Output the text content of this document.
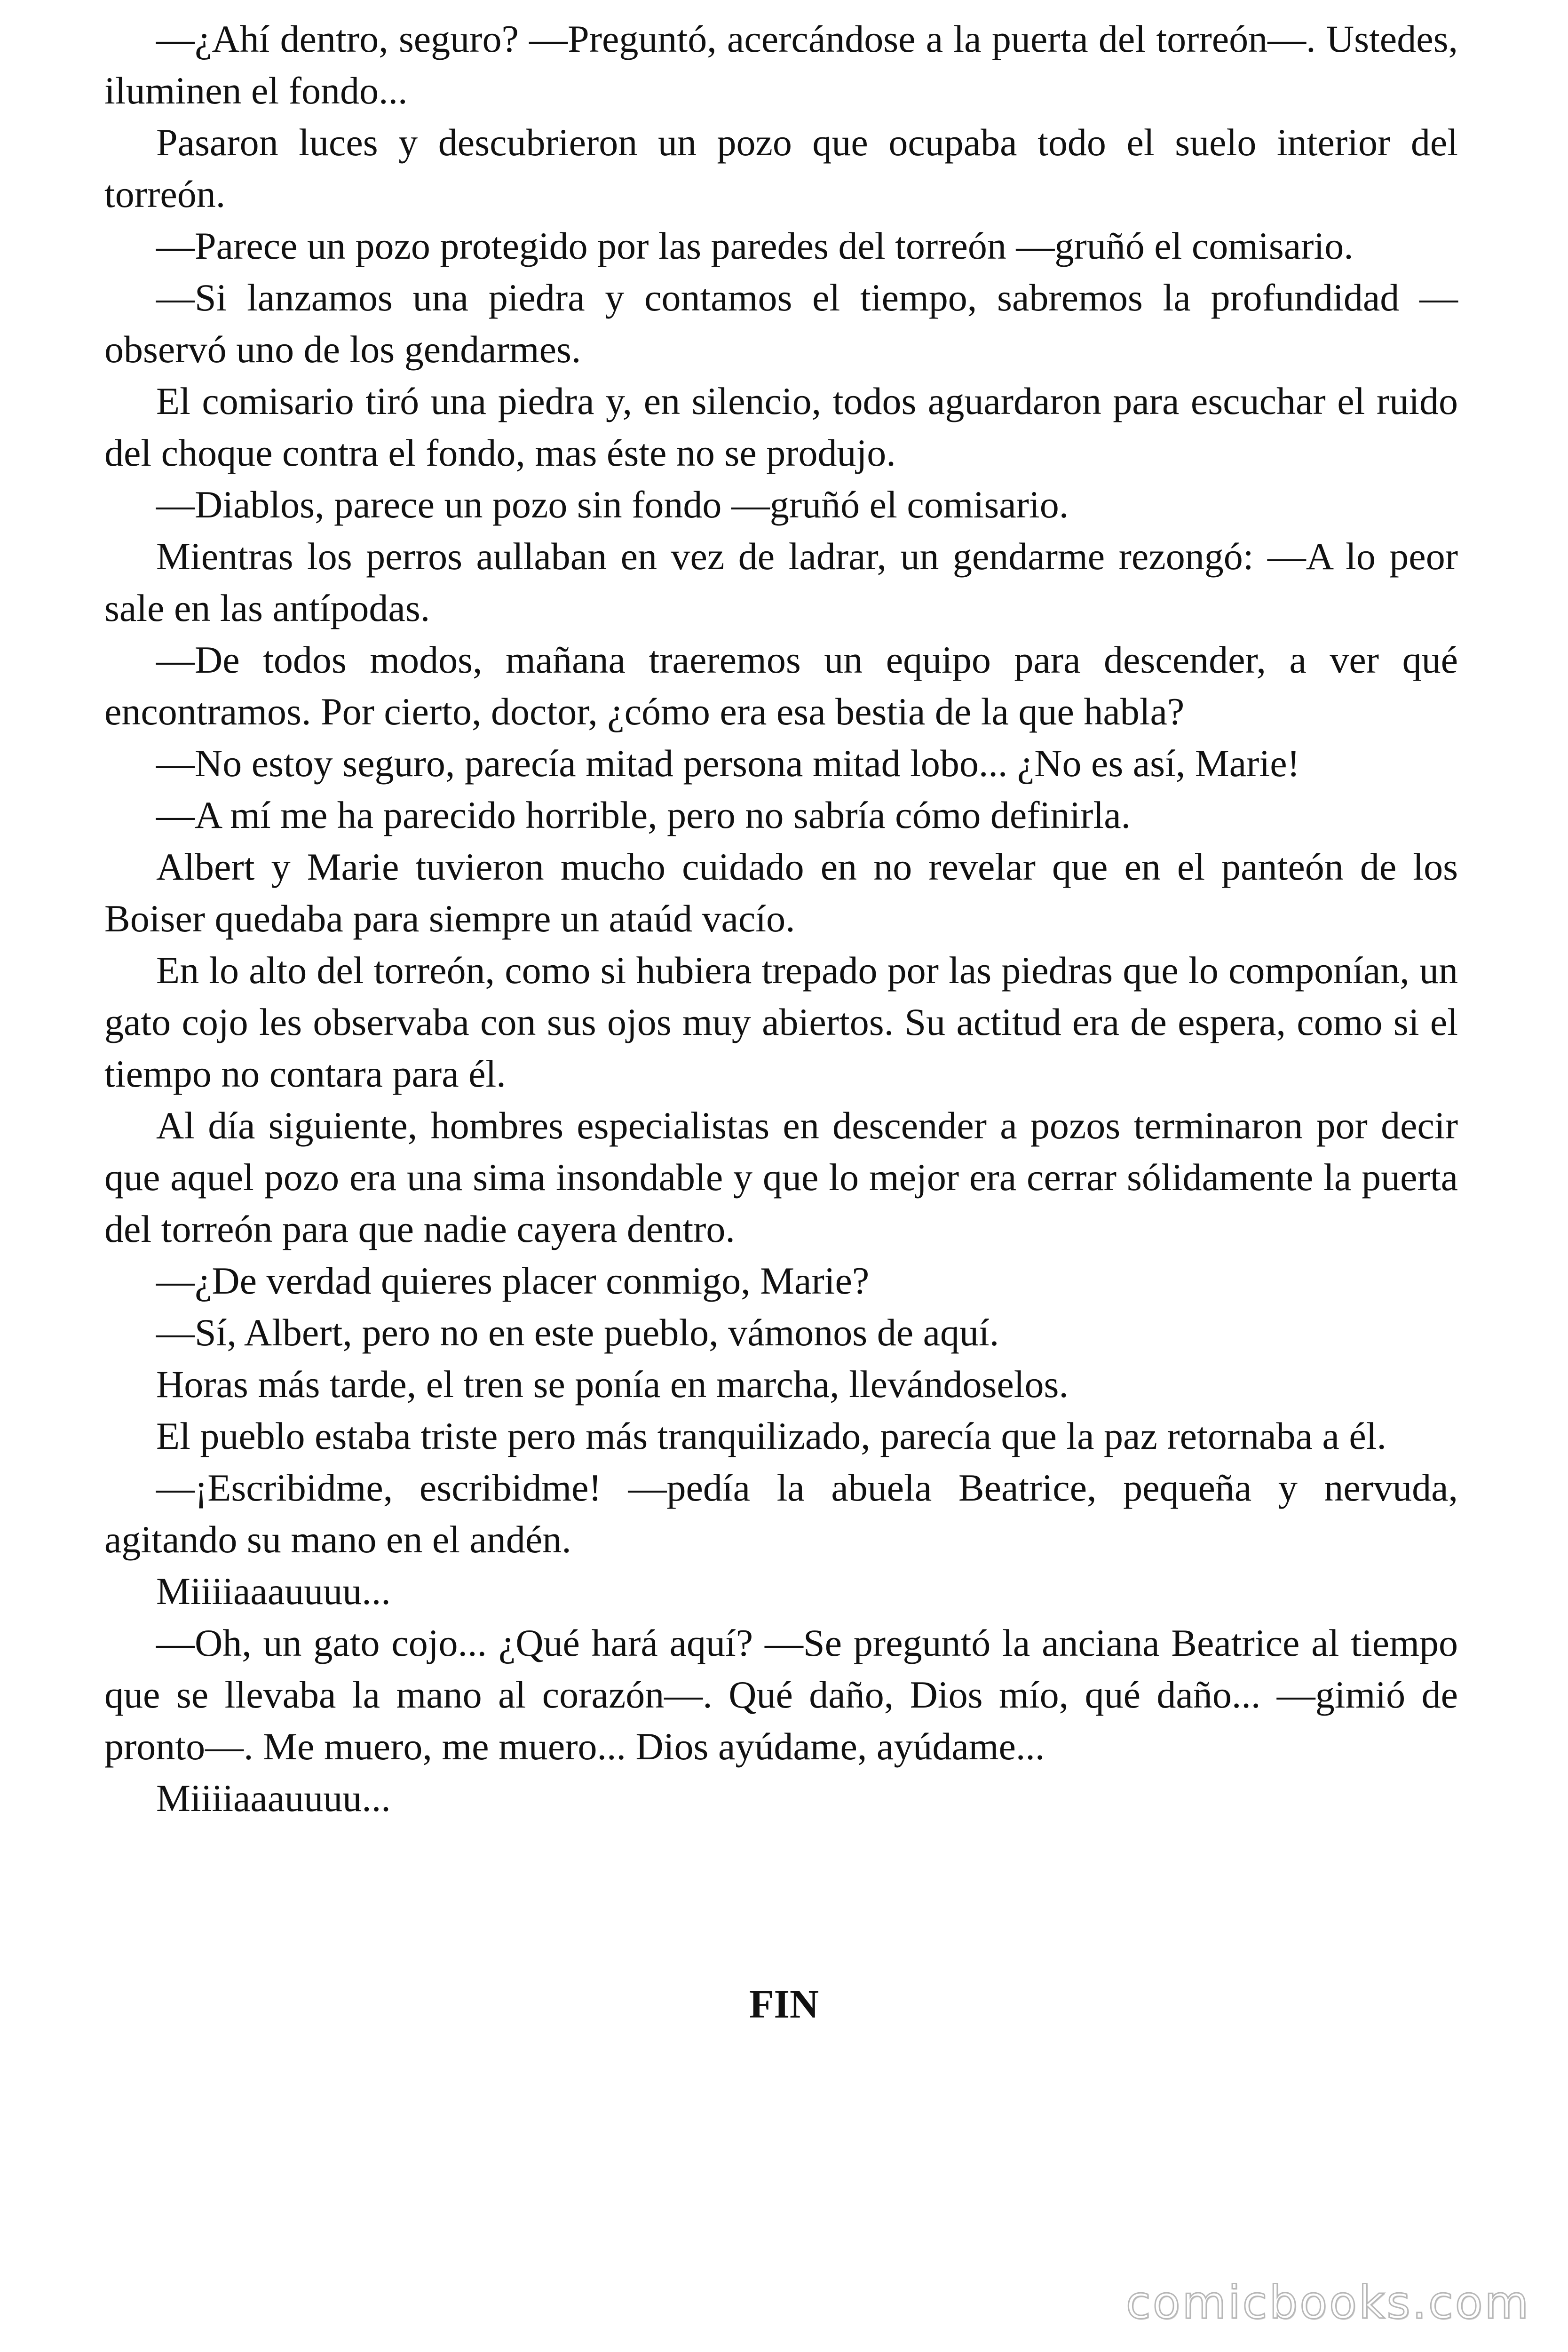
—¿Ahí dentro, seguro? —Preguntó, acercándose a la puerta del torreón—. Ustedes, iluminen el fondo...

Pasaron luces y descubrieron un pozo que ocupaba todo el suelo interior del torreón.

—Parece un pozo protegido por las paredes del torreón —gruñó el comisario.

—Si lanzamos una piedra y contamos el tiempo, sabremos la profundidad —observó uno de los gendarmes.

El comisario tiró una piedra y, en silencio, todos aguardaron para escuchar el ruido del choque contra el fondo, mas éste no se produjo.

—Diablos, parece un pozo sin fondo —gruñó el comisario.

Mientras los perros aullaban en vez de ladrar, un gendarme rezongó: —A lo peor sale en las antípodas.

—De todos modos, mañana traeremos un equipo para descender, a ver qué encontramos. Por cierto, doctor, ¿cómo era esa bestia de la que habla?

—No estoy seguro, parecía mitad persona mitad lobo... ¿No es así, Marie!

—A mí me ha parecido horrible, pero no sabría cómo definirla.

Albert y Marie tuvieron mucho cuidado en no revelar que en el panteón de los Boiser quedaba para siempre un ataúd vacío.

En lo alto del torreón, como si hubiera trepado por las piedras que lo componían, un gato cojo les observaba con sus ojos muy abiertos. Su actitud era de espera, como si el tiempo no contara para él.

Al día siguiente, hombres especialistas en descender a pozos terminaron por decir que aquel pozo era una sima insondable y que lo mejor era cerrar sólidamente la puerta del torreón para que nadie cayera dentro.

—¿De verdad quieres placer conmigo, Marie?

—Sí, Albert, pero no en este pueblo, vámonos de aquí.

Horas más tarde, el tren se ponía en marcha, llevándoselos.

El pueblo estaba triste pero más tranquilizado, parecía que la paz retornaba a él.

—¡Escribidme, escribidme! —pedía la abuela Beatrice, pequeña y nervuda, agitando su mano en el andén.

Miiiiaaauuuu...

—Oh, un gato cojo... ¿Qué hará aquí? —Se preguntó la anciana Beatrice al tiempo que se llevaba la mano al corazón—. Qué daño, Dios mío, qué daño... —gimió de pronto—. Me muero, me muero... Dios ayúdame, ayúdame...

Miiiiaaauuuu...

FIN
comicbooks.com
